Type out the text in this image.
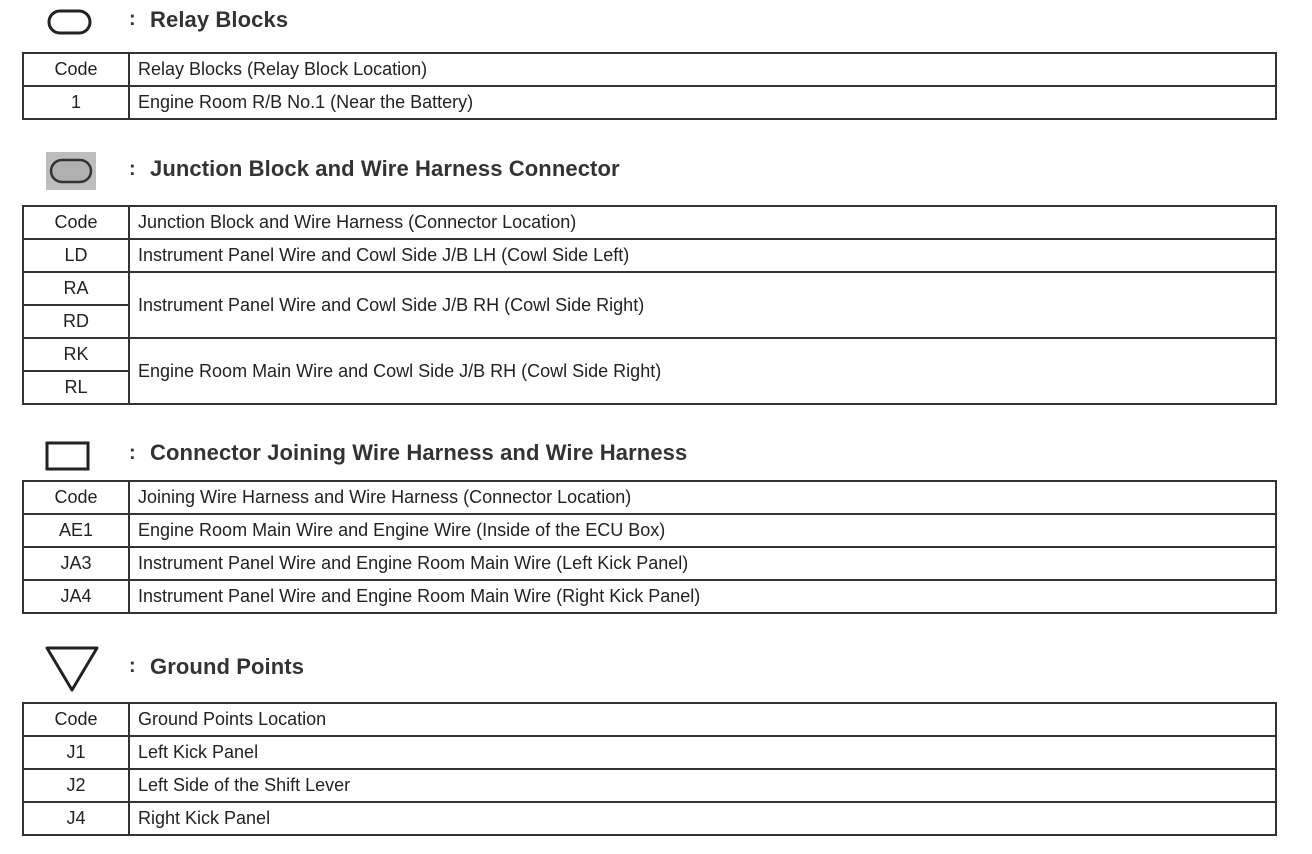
: Relay Blocks
Code	Relay Blocks (Relay Block Location)
1	Engine Room R/B No.1 (Near the Battery)
: Junction Block and Wire Harness Connector
Code	Junction Block and Wire Harness (Connector Location)
LD	Instrument Panel Wire and Cowl Side J/B LH (Cowl Side Left)
RA	Instrument Panel Wire and Cowl Side J/B RH (Cowl Side Right)
RD	
RK	Engine Room Main Wire and Cowl Side J/B RH (Cowl Side Right)
RL	
: Connector Joining Wire Harness and Wire Harness
Code	Joining Wire Harness and Wire Harness (Connector Location)
AE1	Engine Room Main Wire and Engine Wire (Inside of the ECU Box)
JA3	Instrument Panel Wire and Engine Room Main Wire (Left Kick Panel)
JA4	Instrument Panel Wire and Engine Room Main Wire (Right Kick Panel)
: Ground Points
Code	Ground Points Location
J1	Left Kick Panel
J2	Left Side of the Shift Lever
J4	Right Kick Panel
